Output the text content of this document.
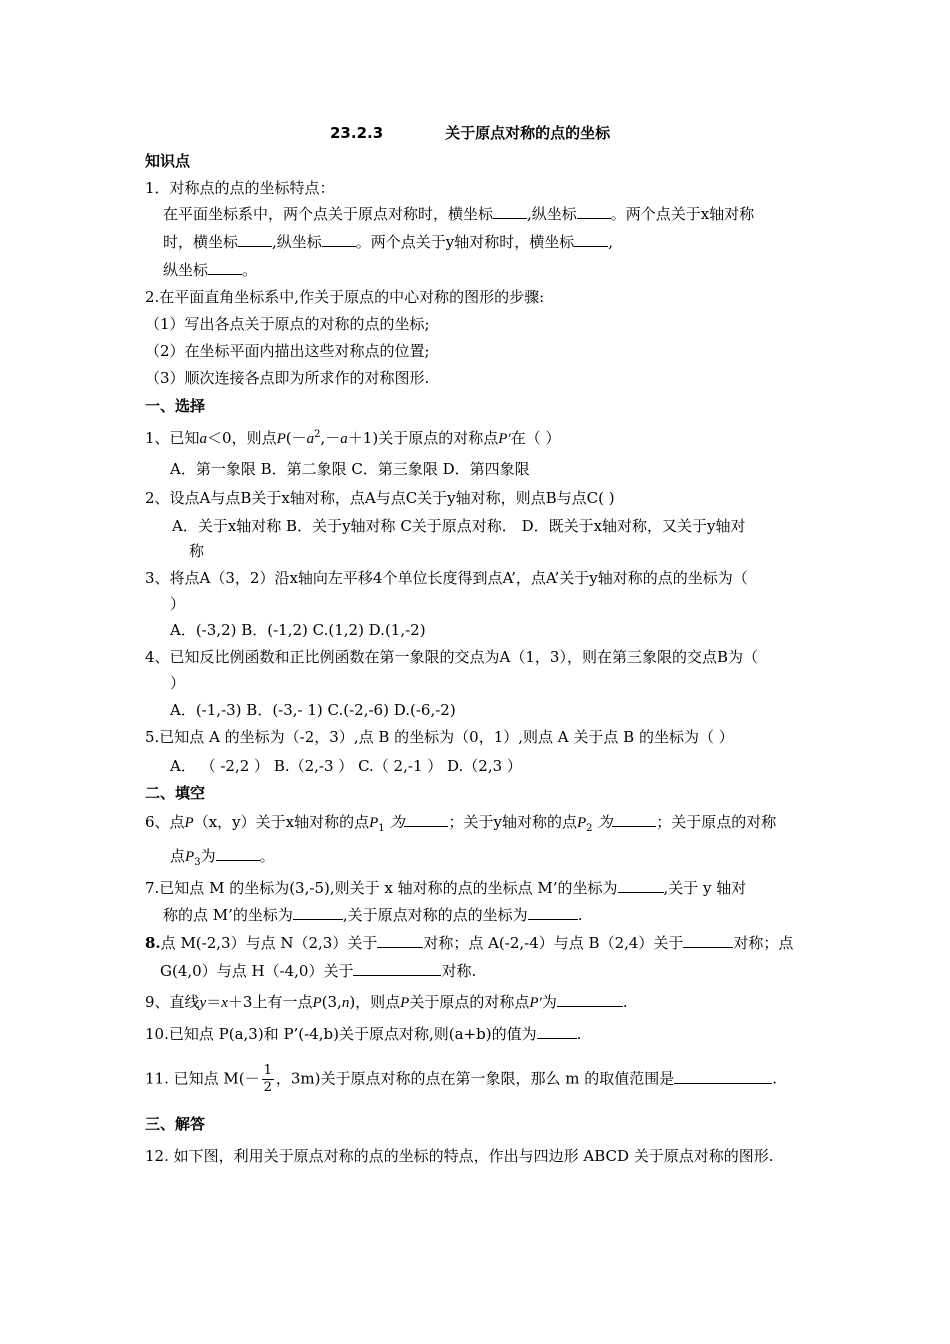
23.2.3	关于原点对称的点的坐标
知识点
1．对称点的点的坐标特点：
在平面坐标系中，两个点关于原点对称时，横坐标 ,纵坐标 。两个点关于x轴对称
时，横坐标 ,纵坐标 。两个点关于y轴对称时，横坐标 ,
纵坐标 。
2.在平面直角坐标系中,作关于原点的中心对称的图形的步骤:
（1）写出各点关于原点的对称的点的坐标;
（2）在坐标平面内描出这些对称点的位置;
（3）顺次连接各点即为所求作的对称图形.
一、选择
1、已知a＜0，则点$P(-a^2,-a+1)$关于原点的对称点P′在（ ）
A．第一象限 B．第二象限 C．第三象限 D．第四象限
2、设点A与点B关于x轴对称，点A与点C关于y轴对称，则点B与点C( )
A．关于x轴对称 B．关于y轴对称 C关于原点对称． D．既关于x轴对称，又关于y轴对
称
3、将点A（3，2）沿x轴向左平移4个单位长度得到点A’，点A’关于y轴对称的点的坐标为（
）
A．(-3,2) B．(-1,2) C.(1,2) D.(1,-2)
4、已知反比例函数和正比例函数在第一象限的交点为A（1，3），则在第三象限的交点B为（
）
A．(-1,-3) B．(-3,- 1) C.(-2,-6) D.(-6,-2)
5.已知点 A 的坐标为（-2，3）,点 B 的坐标为（0，1）,则点 A 关于点 B 的坐标为（ ）
A． （ -2,2 ） B.（2,-3 ） C.（ 2,-1 ） D.（2,3 ）
二、填空
6、点P（x，y）关于x轴对称的点$P_1$ 为	；关于y轴对称的点$P_2$ 为	；关于原点的对称
点$P_3$为	。
7.已知点 M 的坐标为(3,-5),则关于 x 轴对称的点的坐标点 M’的坐标为	,关于 y 轴对
称的点 M’的坐标为	,关于原点对称的点的坐标为	.
8.点 M(-2,3）与点 N（2,3）关于	对称；点 A(-2,-4）与点 B（2,4）关于	对称；点
G(4,0）与点 H（-4,0）关于	对称.
9、直线y＝x＋3上有一点P(3,n)，则点P关于原点的对称点P′为	.
10.已知点 P(a,3)和 P’(-4,b)关于原点对称,则(a+b)的值为	.
11. 已知点 $M(- \frac{1}{2}$ ，3m)关于原点对称的点在第一象限，那么 m 的取值范围是	.
三、解答
12. 如下图，利用关于原点对称的点的坐标的特点，作出与四边形 ABCD 关于原点对称的图形.
